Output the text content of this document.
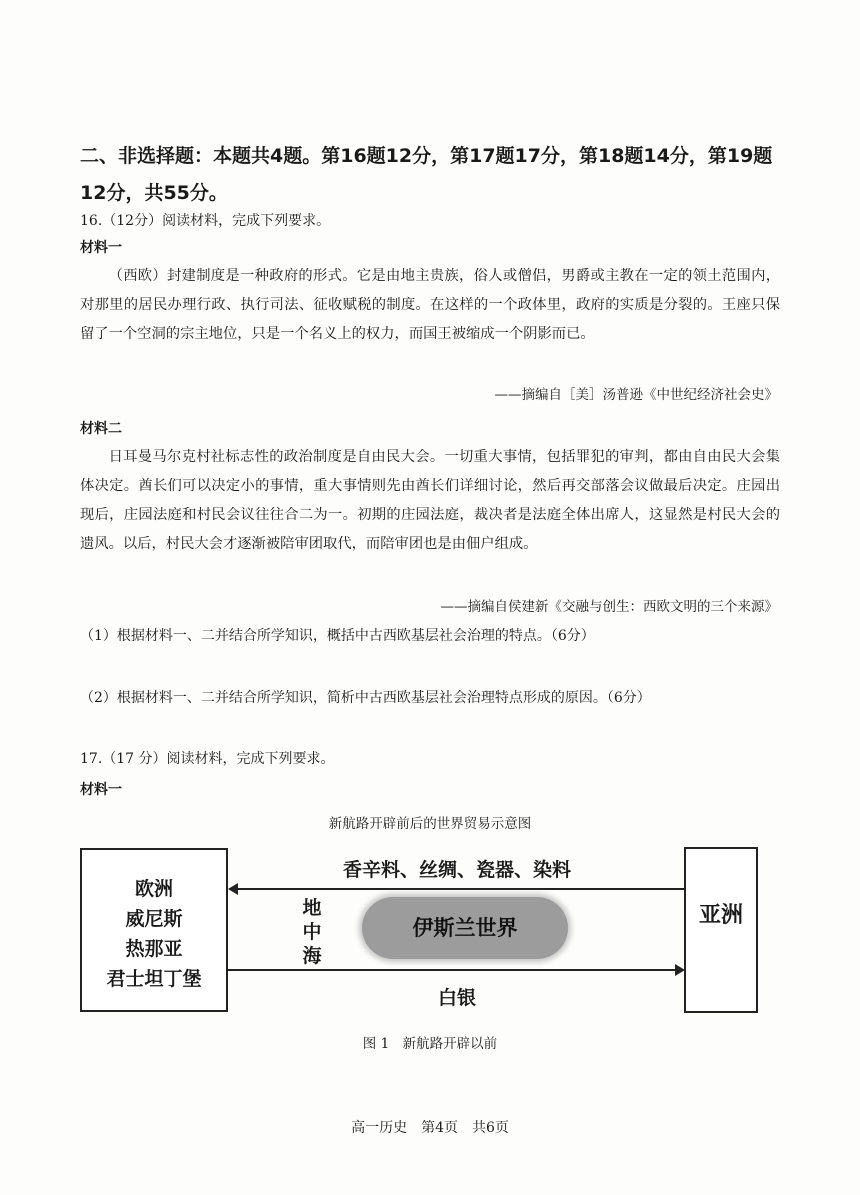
二、非选择题：本题共4题。第16题12分，第17题17分，第18题14分，第19题12分，共55分。
16.（12分）阅读材料，完成下列要求。
材料一
（西欧）封建制度是一种政府的形式。它是由地主贵族，俗人或僧侣，男爵或主教在一定的领土范围内，对那里的居民办理行政、执行司法、征收赋税的制度。在这样的一个政体里，政府的实质是分裂的。王座只保留了一个空洞的宗主地位，只是一个名义上的权力，而国王被缩成一个阴影而已。
——摘编自［美］汤普逊《中世纪经济社会史》
材料二
日耳曼马尔克村社标志性的政治制度是自由民大会。一切重大事情，包括罪犯的审判，都由自由民大会集体决定。酋长们可以决定小的事情，重大事情则先由酋长们详细讨论，然后再交部落会议做最后决定。庄园出现后，庄园法庭和村民会议往往合二为一。初期的庄园法庭，裁决者是法庭全体出席人，这显然是村民大会的遗风。以后，村民大会才逐渐被陪审团取代，而陪审团也是由佃户组成。
——摘编自侯建新《交融与创生：西欧文明的三个来源》
（1）根据材料一、二并结合所学知识，概括中古西欧基层社会治理的特点。（6分）
（2）根据材料一、二并结合所学知识，简析中古西欧基层社会治理特点形成的原因。（6分）
17.（17 分）阅读材料，完成下列要求。
材料一
新航路开辟前后的世界贸易示意图
欧洲
威尼斯
热那亚
君士坦丁堡
亚洲
香辛料、丝绸、瓷器、染料
白银
地
中
海
伊斯兰世界
图 1　新航路开辟以前
高一历史　第4页　共6页
